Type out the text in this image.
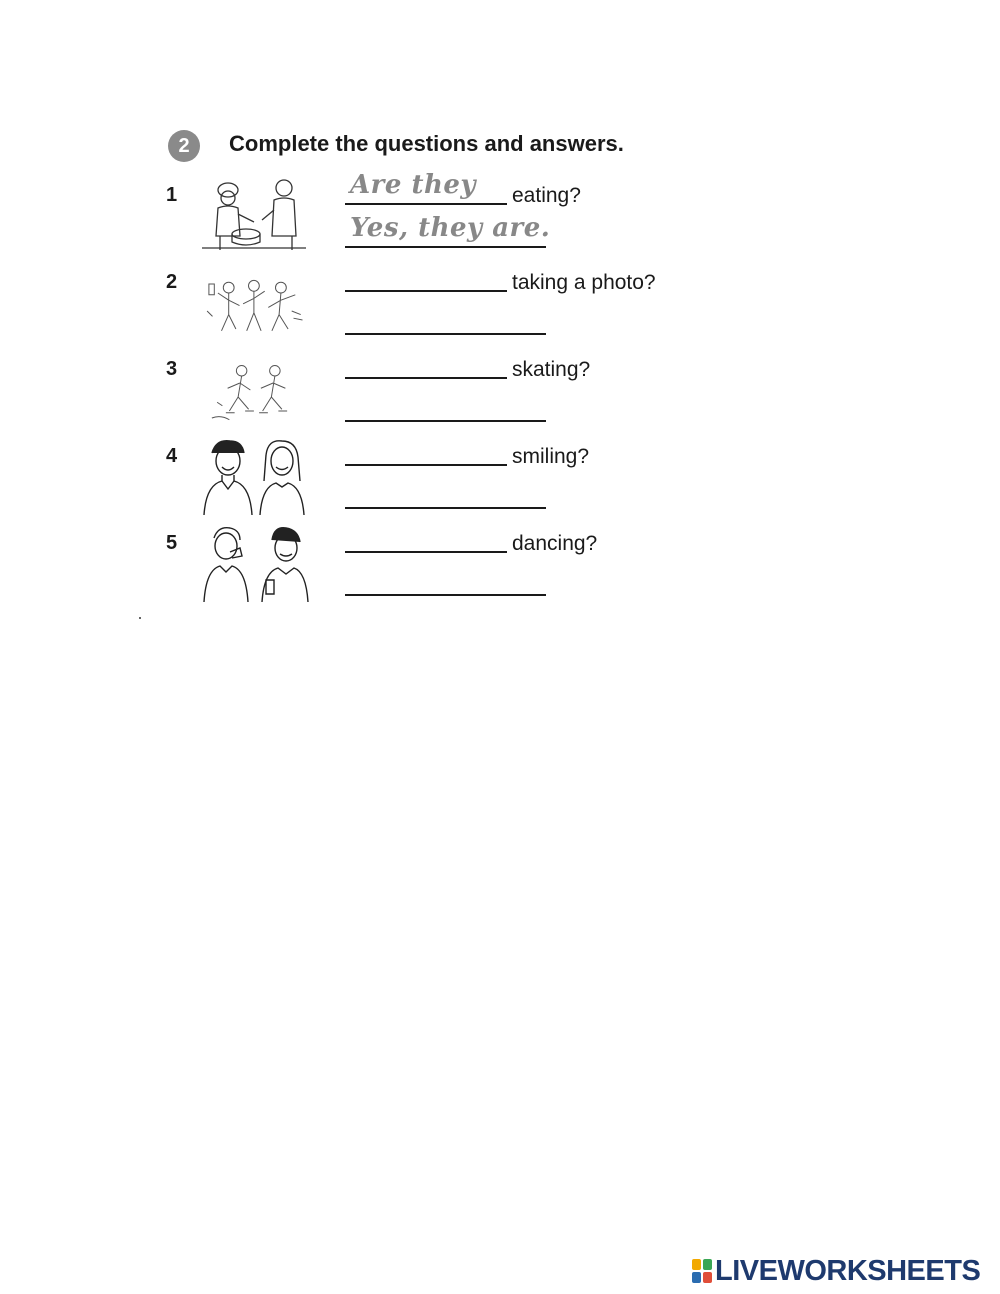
2	Complete the questions and answers.
1	Are they eating?
Yes, they are.
2	taking a photo?
3	skating?
4	smiling?
5	dancing?
LIVEWORKSHEETS
